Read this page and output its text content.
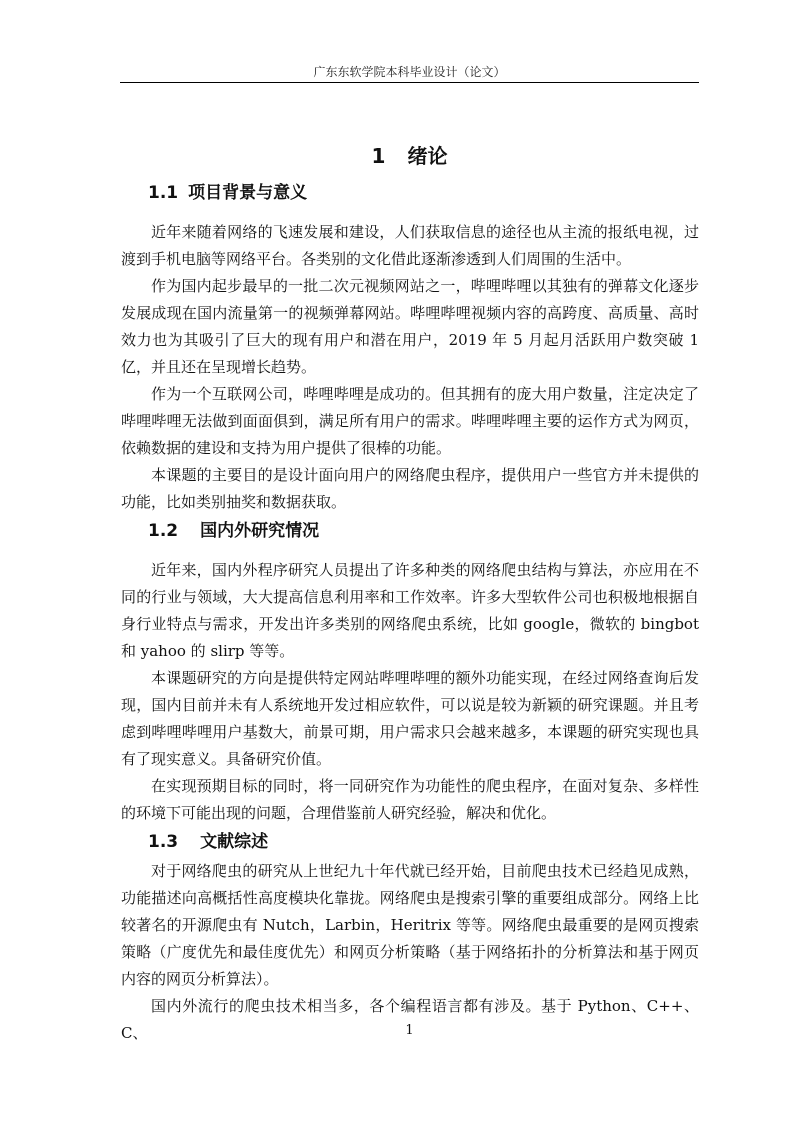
广东东软学院本科毕业设计（论文）
1 绪论
1.1 项目背景与意义

近年来随着网络的飞速发展和建设，人们获取信息的途径也从主流的报纸电视，过渡到手机电脑等网络平台。各类别的文化借此逐渐渗透到人们周围的生活中。

作为国内起步最早的一批二次元视频网站之一，哔哩哔哩以其独有的弹幕文化逐步发展成现在国内流量第一的视频弹幕网站。哔哩哔哩视频内容的高跨度、高质量、高时效力也为其吸引了巨大的现有用户和潜在用户，2019 年 5 月起月活跃用户数突破 1 亿，并且还在呈现增长趋势。

作为一个互联网公司，哔哩哔哩是成功的。但其拥有的庞大用户数量，注定决定了哔哩哔哩无法做到面面俱到，满足所有用户的需求。哔哩哔哩主要的运作方式为网页，依赖数据的建设和支持为用户提供了很棒的功能。

本课题的主要目的是设计面向用户的网络爬虫程序，提供用户一些官方并未提供的功能，比如类别抽奖和数据获取。

1.2 国内外研究情况

近年来，国内外程序研究人员提出了许多种类的网络爬虫结构与算法，亦应用在不同的行业与领域，大大提高信息利用率和工作效率。许多大型软件公司也积极地根据自身行业特点与需求，开发出许多类别的网络爬虫系统，比如 google，微软的 bingbot 和 yahoo 的 slirp 等等。

本课题研究的方向是提供特定网站哔哩哔哩的额外功能实现，在经过网络查询后发现，国内目前并未有人系统地开发过相应软件，可以说是较为新颖的研究课题。并且考虑到哔哩哔哩用户基数大，前景可期，用户需求只会越来越多，本课题的研究实现也具有了现实意义。具备研究价值。

在实现预期目标的同时，将一同研究作为功能性的爬虫程序，在面对复杂、多样性的环境下可能出现的问题，合理借鉴前人研究经验，解决和优化。

1.3 文献综述

对于网络爬虫的研究从上世纪九十年代就已经开始，目前爬虫技术已经趋见成熟，功能描述向高概括性高度模块化靠拢。网络爬虫是搜索引擎的重要组成部分。网络上比较著名的开源爬虫有 Nutch，Larbin，Heritrix 等等。网络爬虫最重要的是网页搜索策略（广度优先和最佳度优先）和网页分析策略（基于网络拓扑的分析算法和基于网页内容的网页分析算法）。

国内外流行的爬虫技术相当多，各个编程语言都有涉及。基于 Python、C++、C、	1
